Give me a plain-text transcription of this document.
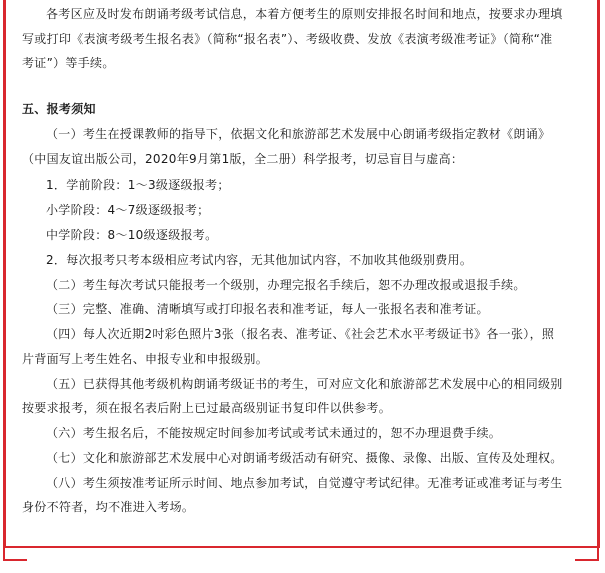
各考区应及时发布朗诵考级考试信息，本着方便考生的原则安排报名时间和地点，按要求办理填
写或打印《表演考级考生报名表》（简称“报名表”）、考级收费、发放《表演考级准考证》（简称“准
考证”）等手续。
五、报考须知
（一）考生在授课教师的指导下，依据文化和旅游部艺术发展中心朗诵考级指定教材《朗诵》
（中国友谊出版公司，2020年9月第1版，全二册）科学报考，切忌盲目与虚高：
1．学前阶段：1～3级逐级报考；
小学阶段：4～7级逐级报考；
中学阶段：8～10级逐级报考。
2．每次报考只考本级相应考试内容，无其他加试内容，不加收其他级别费用。
（二）考生每次考试只能报考一个级别，办理完报名手续后，恕不办理改报或退报手续。
（三）完整、准确、清晰填写或打印报名表和准考证，每人一张报名表和准考证。
（四）每人次近期2吋彩色照片3张（报名表、准考证、《社会艺术水平考级证书》各一张），照
片背面写上考生姓名、申报专业和申报级别。
（五）已获得其他考级机构朗诵考级证书的考生，可对应文化和旅游部艺术发展中心的相同级别
按要求报考，须在报名表后附上已过最高级别证书复印件以供参考。
（六）考生报名后，不能按规定时间参加考试或考试未通过的，恕不办理退费手续。
（七）文化和旅游部艺术发展中心对朗诵考级活动有研究、摄像、录像、出版、宣传及处理权。
（八）考生须按准考证所示时间、地点参加考试，自觉遵守考试纪律。无准考证或准考证与考生
身份不符者，均不准进入考场。
